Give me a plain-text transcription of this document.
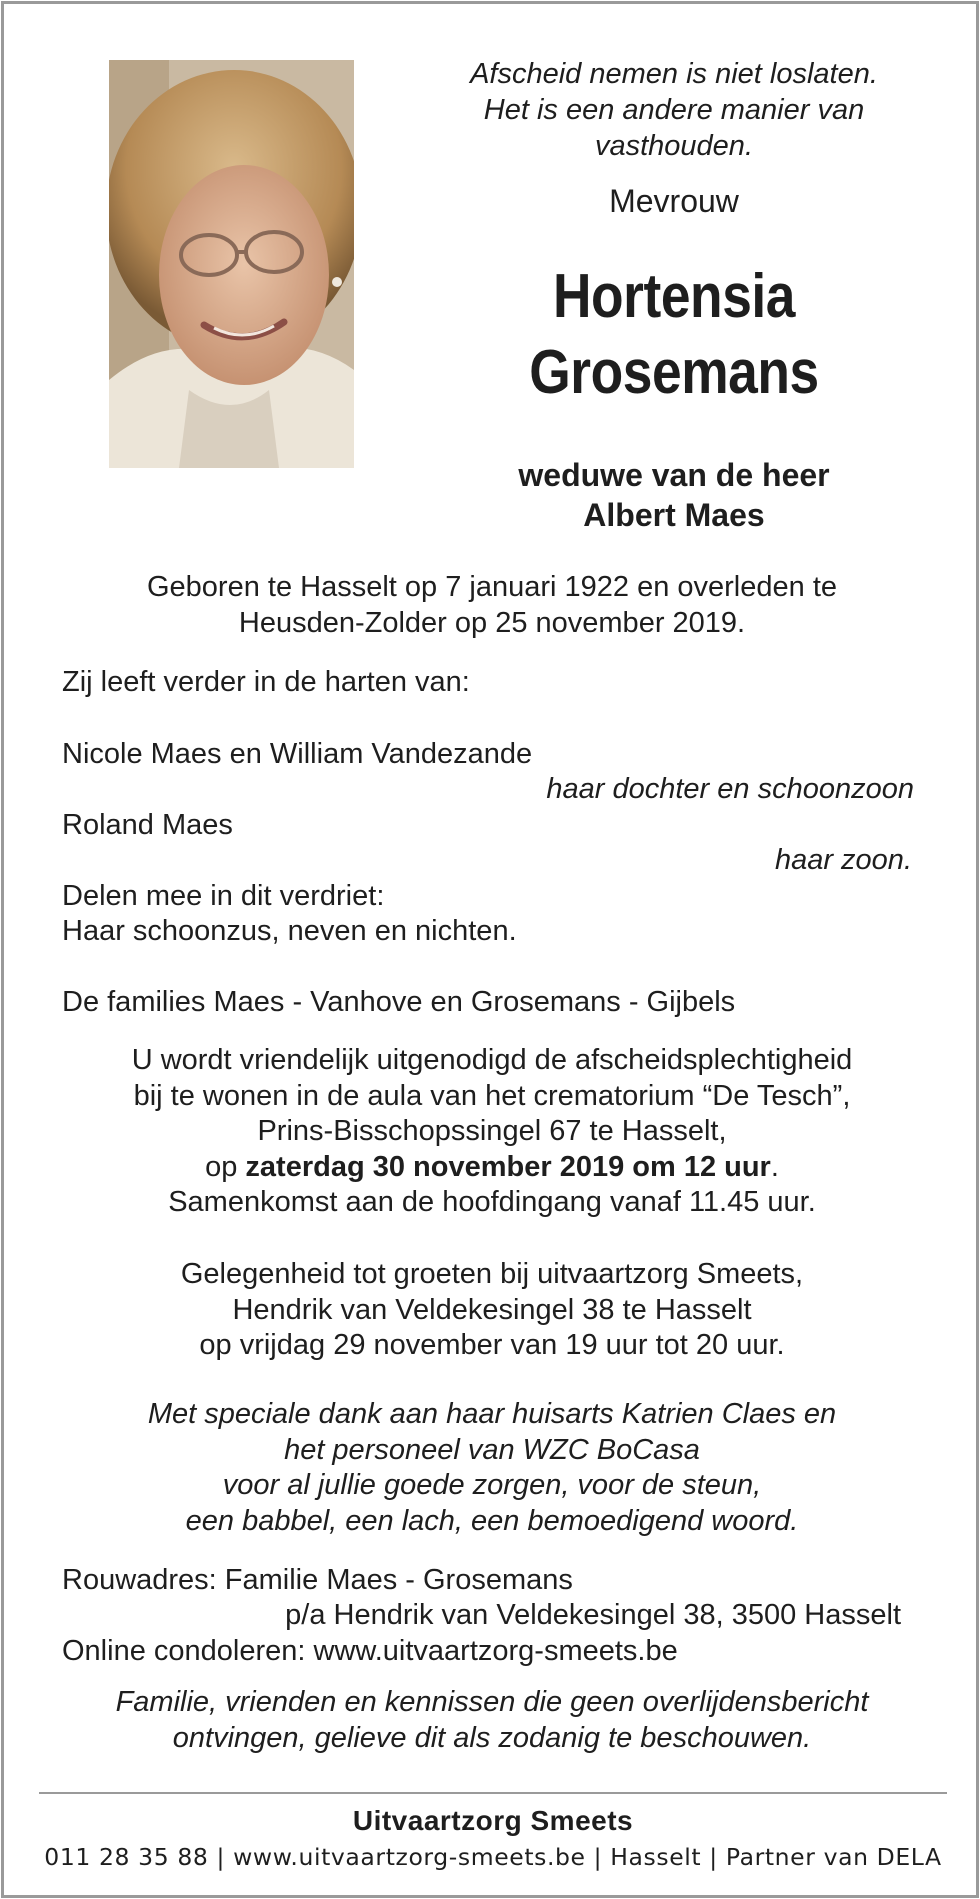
Afscheid nemen is niet loslaten.
Het is een andere manier van
vasthouden.
Mevrouw
Hortensia
Grosemans
weduwe van de heer
Albert Maes
Geboren te Hasselt op 7 januari 1922 en overleden te
Heusden-Zolder op 25 november 2019.
Zij leeft verder in de harten van:
Nicole Maes en William Vandezande
haar dochter en schoonzoon
Roland Maes
haar zoon.
Delen mee in dit verdriet:
Haar schoonzus, neven en nichten.
De families Maes - Vanhove en Grosemans - Gijbels
U wordt vriendelijk uitgenodigd de afscheidsplechtigheid
bij te wonen in de aula van het crematorium “De Tesch”,
Prins-Bisschopssingel 67 te Hasselt,
op zaterdag 30 november 2019 om 12 uur.
Samenkomst aan de hoofdingang vanaf 11.45 uur.
Gelegenheid tot groeten bij uitvaartzorg Smeets,
Hendrik van Veldekesingel 38 te Hasselt
op vrijdag 29 november van 19 uur tot 20 uur.
Met speciale dank aan haar huisarts Katrien Claes en
het personeel van WZC BoCasa
voor al jullie goede zorgen, voor de steun,
een babbel, een lach, een bemoedigend woord.
Rouwadres: Familie Maes - Grosemans
p/a Hendrik van Veldekesingel 38, 3500 Hasselt
Online condoleren: www.uitvaartzorg-smeets.be
Familie, vrienden en kennissen die geen overlijdensbericht
ontvingen, gelieve dit als zodanig te beschouwen.
Uitvaartzorg Smeets
011 28 35 88 | www.uitvaartzorg-smeets.be | Hasselt | Partner van DELA
